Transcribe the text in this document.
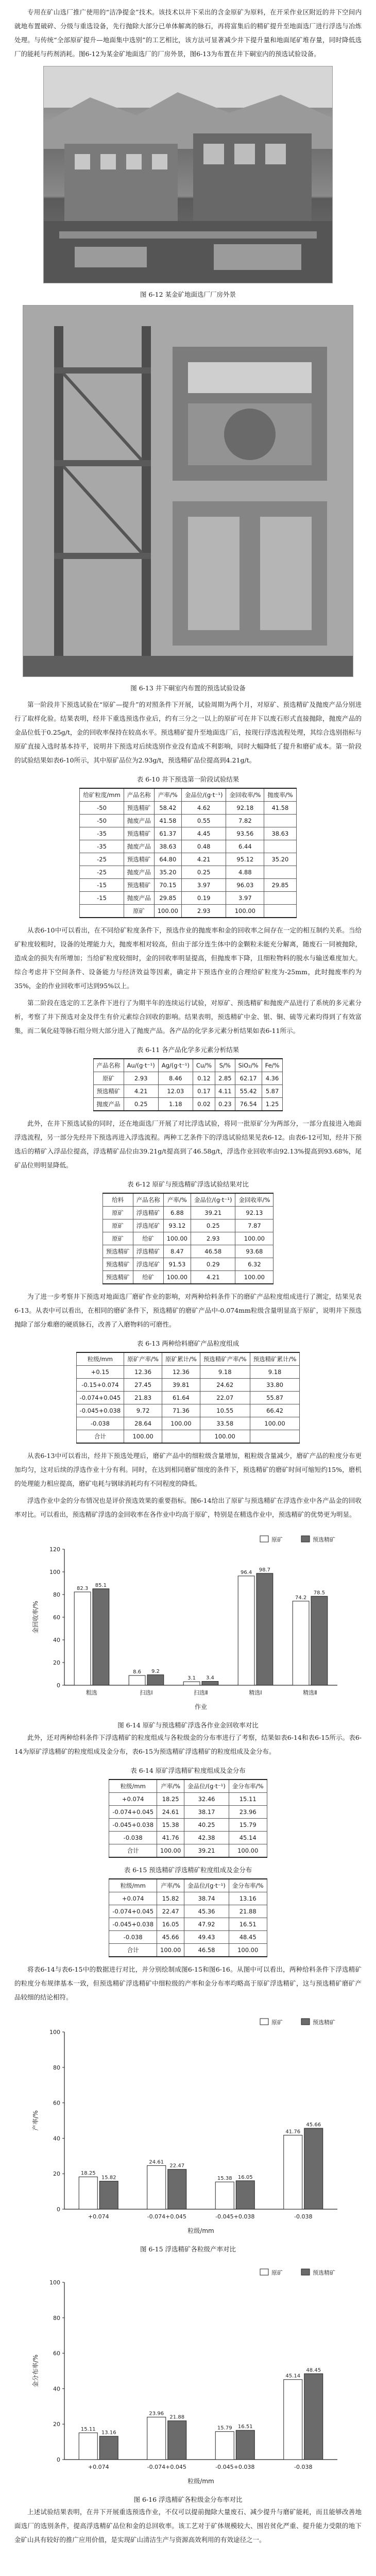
专用在矿山选厂推广使用的“洁净提金”技术。该技术以井下采出的含金原矿为原料，在开采作业区附近的井下空间内就地布置破碎、分级与重选设备，先行抛除大部分已单体解离的脉石，再将富集后的精矿提升至地面选厂进行浮选与冶炼处理。与传统“全部原矿提升—地面集中选别”的工艺相比，该方法可显著减少井下提升量和地面尾矿堆存量，同时降低选厂的能耗与药剂消耗。图6-12为某金矿地面选厂的厂房外景，图6-13为布置在井下硐室内的预选试验设备。

图 6-12 某金矿地面选厂厂房外景
图 6-13 井下硐室内布置的预选试验设备

第一阶段井下预选试验在“原矿—提升”的对照条件下开展，试验周期为两个月，对原矿、预选精矿及抛废产品分别进行了取样化验。结果表明，经井下重选预选作业后，约有三分之一以上的原矿可在井下以废石形式直接抛除，抛废产品的金品位低于0.25g/t，金的回收率保持在较高水平。预选精矿提升至地面选厂后，按现行浮选流程处理，其综合选别指标与原矿直接入选时基本持平，说明井下预选对后续选别作业没有造成不利影响，同时大幅降低了提升和磨矿成本。第一阶段的试验结果如表6-10所示，其中原矿品位为2.93g/t，预选精矿品位提高到4.21g/t。

表 6-10 井下预选第一阶段试验结果
给矿粒度/mm	产品名称	产率/%	金品位/(g·t⁻¹)	金回收率/%	抛废率/%
-50	预选精矿	58.42	4.62	92.18	41.58
-50	抛废产品	41.58	0.55	7.82	
-35	预选精矿	61.37	4.45	93.56	38.63
-35	抛废产品	38.63	0.48	6.44	
-25	预选精矿	64.80	4.21	95.12	35.20
-25	抛废产品	35.20	0.25	4.88	
-15	预选精矿	70.15	3.97	96.03	29.85
-15	抛废产品	29.85	0.19	3.97	
	原矿	100.00	2.93	100.00	

从表6-10中可以看出，在不同给矿粒度条件下，预选作业的抛废率和金的回收率之间存在一定的相互制约关系。当给矿粒度较粗时，设备的处理能力大，抛废率相对较高，但由于部分连生体中的金颗粒未能充分解离，随废石一同被抛除，造成金的损失有所增加；当给矿粒度较细时，金的回收率明显提高，但抛废率下降，且细粒物料的脱水与输送难度加大。综合考虑井下空间条件、设备能力与经济效益等因素，确定井下预选作业的合理给矿粒度为-25mm，此时抛废率约为35%，金的作业回收率可达到95%以上。

第二阶段在选定的工艺条件下进行了为期半年的连续运行试验，对原矿、预选精矿和抛废产品进行了系统的多元素分析，考察了井下预选对金及伴生有价元素综合回收的影响。结果表明，预选精矿中金、银、铜、硫等元素均得到了有效富集，而二氧化硅等脉石组分则大部分进入了抛废产品。各产品的化学多元素分析结果如表6-11所示。

表 6-11 各产品化学多元素分析结果
产品名称	Au/(g·t⁻¹)	Ag/(g·t⁻¹)	Cu/%	S/%	SiO₂/%	Fe/%
原矿	2.93	8.46	0.12	2.85	62.17	4.36
预选精矿	4.21	12.03	0.17	4.11	55.42	5.87
抛废产品	0.25	1.18	0.02	0.23	76.54	1.25

此外，在井下预选试验的同时，还在地面选厂开展了对比浮选试验，将同一批原矿分为两部分，一部分直接进入地面浮选流程，另一部分先经井下预选再进入浮选流程。两种工艺条件下的浮选试验结果见表6-12。由表6-12可知，经井下预选后的精矿入浮品位提高，浮选精矿品位由39.21g/t提高到了46.58g/t，浮选作业回收率由92.13%提高到93.68%，尾矿品位则明显降低。

表 6-12 原矿与预选精矿浮选试验结果对比
给料	产品名称	产率/%	金品位/(g·t⁻¹)	金回收率/%
原矿	浮选精矿	6.88	39.21	92.13
原矿	浮选尾矿	93.12	0.25	7.87
原矿	给矿	100.00	2.93	100.00
预选精矿	浮选精矿	8.47	46.58	93.68
预选精矿	浮选尾矿	91.53	0.29	6.32
预选精矿	给矿	100.00	4.21	100.00

为了进一步考察井下预选对地面选厂磨矿作业的影响，对两种给料条件下的磨矿产品粒度组成进行了测定，结果见表6-13。从表中可以看出，在相同的磨矿条件下，预选精矿的磨矿产品中-0.074mm粒级含量明显高于原矿，说明井下预选抛除了部分难磨的硬质脉石，改善了入磨物料的可磨性。

表 6-13 两种给料磨矿产品粒度组成
粒级/mm	原矿产率/%	原矿累计/%	预选精矿产率/%	预选精矿累计/%
+0.15	12.36	12.36	9.18	9.18
-0.15+0.074	27.45	39.81	24.62	33.80
-0.074+0.045	21.83	61.64	22.07	55.87
-0.045+0.038	9.72	71.36	10.55	66.42
-0.038	28.64	100.00	33.58	100.00
合计	100.00		100.00	

从表6-13中可以看出，经井下预选处理后，磨矿产品中的细粒级含量增加，粗粒级含量减少，磨矿产品的粒度分布更加均匀，这对后续的浮选作业十分有利。同时，在达到相同磨矿细度的条件下，预选精矿的磨矿时间可缩短约15%，磨机的处理能力相应提高，磨矿电耗与钢球消耗均有不同程度的降低。

浮选作业中金的分布情况也是评价预选效果的重要指标。图6-14给出了原矿与预选精矿在浮选作业中各产品金的回收率对比。可以看出，预选精矿浮选的金回收率在各作业中均高于原矿，特别是在精选作业中，预选精矿的优势更为明显。

0
20
40
60
80
100
120
金回收率/%
作业
82.3
85.1
粗选
8.6 9.2
扫选Ⅰ
3.1 3.4
扫选Ⅱ
96.4 98.7
精选Ⅰ
74.2
78.5
精选Ⅱ
原矿	预选精矿
图 6-14 原矿与预选精矿浮选各作业金回收率对比

此外，还对两种给料条件下浮选精矿的粒度组成与各粒级金的分布率进行了考察，结果如表6-14和表6-15所示。表6-14为原矿浮选精矿的粒度组成及金分布，表6-15为预选精矿浮选精矿的粒度组成及金分布。

表 6-14 原矿浮选精矿粒度组成及金分布
粒级/mm	产率/%	金品位/(g·t⁻¹)	金分布率/%
+0.074	18.25	32.46	15.11
-0.074+0.045	24.61	38.17	23.96
-0.045+0.038	15.38	40.25	15.79
-0.038	41.76	42.38	45.14
合计	100.00	39.21	100.00
表 6-15 预选精矿浮选精矿粒度组成及金分布
粒级/mm	产率/%	金品位/(g·t⁻¹)	金分布率/%
+0.074	15.82	38.74	13.16
-0.074+0.045	22.47	45.36	21.88
-0.045+0.038	16.05	47.92	16.51
-0.038	45.66	49.43	48.45
合计	100.00	46.58	100.00

将表6-14与表6-15中的数据进行对比，并分别绘制成图6-15和图6-16。从图中可以看出，两种给料条件下浮选精矿的粒度分布规律基本一致，但预选精矿浮选精矿中细粒级的产率和金分布率均略高于原矿浮选精矿，这与预选精矿磨矿产品较细的结论相符。

0
20
40
60
80
100
产率/%
粒级/mm
18.25
15.82
+0.074
24.61
22.47
-0.074+0.045
15.38 16.05
-0.045+0.038
41.76
45.66
-0.038
原矿	预选精矿
图 6-15 浮选精矿各粒级产率对比
0
20
40
60
80
100
金分布率/%
粒级/mm
15.11
13.16
+0.074
23.96
21.88
-0.074+0.045
15.79 16.51
-0.045+0.038
45.14
48.45
-0.038
原矿	预选精矿
图 6-16 浮选精矿各粒级金分布率对比

上述试验结果表明，在井下开展重选预选作业，不仅可以提前抛除大量废石、减少提升与磨矿能耗，而且能够改善地面选厂的选别条件，提高浮选精矿品位和金的总回收率。该工艺对于矿体规模较大、围岩贫化严重、提升能力受限的地下金矿山具有较好的推广应用价值，是实现矿山清洁生产与资源高效利用的有效途径之一。
